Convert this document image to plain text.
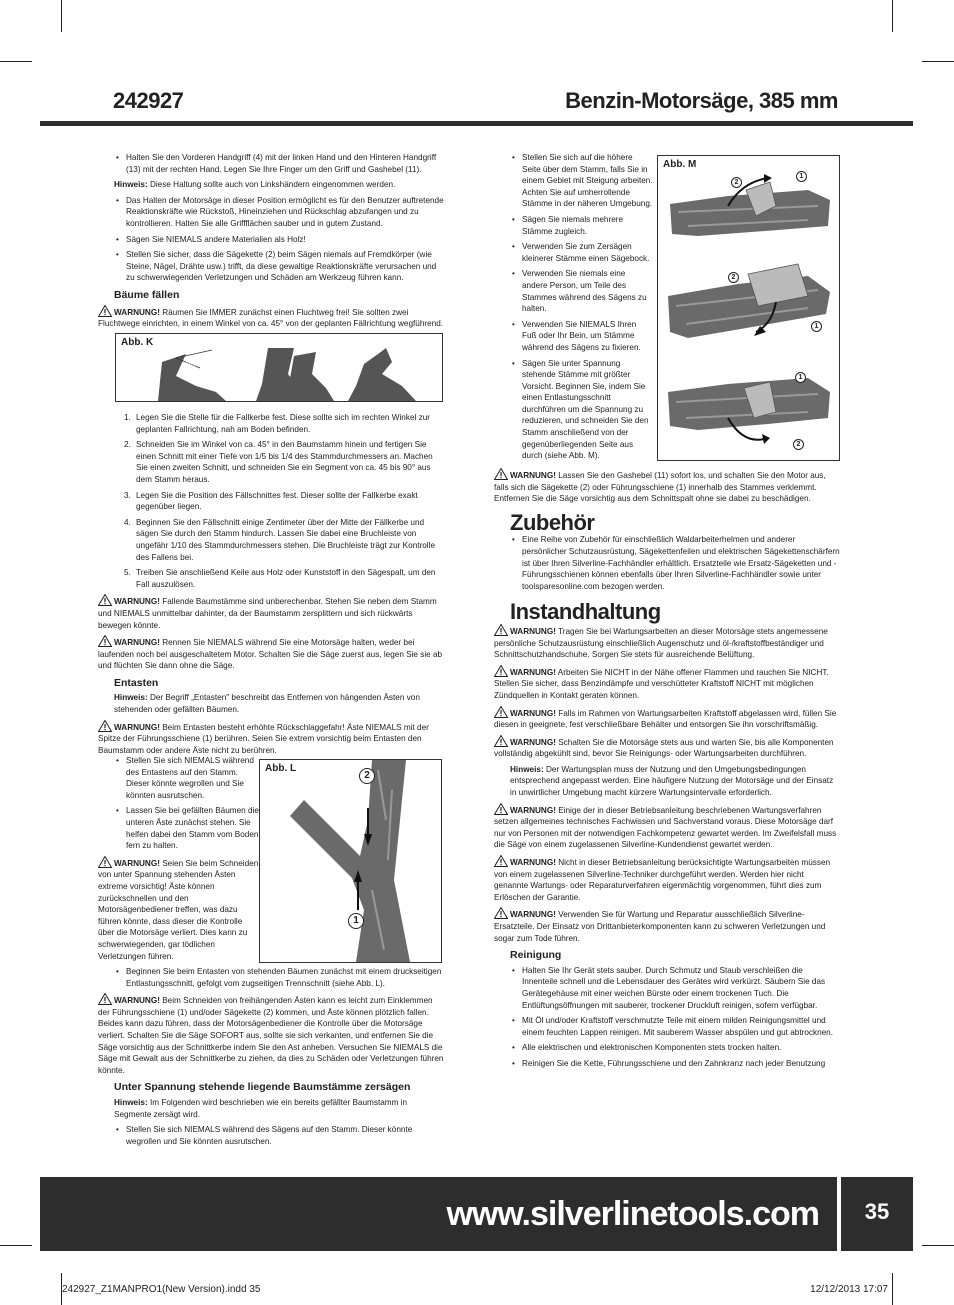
242927	Benzin-Motorsäge, 385 mm
• Halten Sie den Vorderen Handgriff (4) mit der linken Hand und den Hinteren Handgriff (13) mit der rechten Hand. Legen Sie Ihre Finger um den Griff und Gashebel (11).

Hinweis: Diese Haltung sollte auch von Linkshändern eingenommen werden.

• Das Halten der Motorsäge in dieser Position ermöglicht es für den Benutzer auftretende Reaktionskräfte wie Rückstoß, Hineinziehen und Rückschlag abzufangen und zu kontrollieren. Halten Sie alle Griffflächen sauber und in gutem Zustand.
• Sägen Sie NIEMALS andere Materialien als Holz!
• Stellen Sie sicher, dass die Sägekette (2) beim Sägen niemals auf Fremdkörper (wie Steine, Nägel, Drähte usw.) trifft, da diese gewaltige Reaktionskräfte verursachen und zu schwerwiegenden Verletzungen und Schäden am Werkzeug führen kann.
Bäume fällen
WARNUNG! Räumen Sie IMMER zunächst einen Fluchtweg frei! Sie sollten zwei Fluchtwege einrichten, in einem Winkel von ca. 45° von der geplanten Fällrichtung wegführend.
Abb. K
Abb K: 45° oder 90°
1. Legen Sie die Stelle für die Fallkerbe fest. Diese sollte sich im rechten Winkel zur geplanten Fallrichtung, nah am Boden befinden.
2. Schneiden Sie im Winkel von ca. 45° in den Baumstamm hinein und fertigen Sie einen Schnitt mit einer Tiefe von 1/5 bis 1/4 des Stammdurchmessers an. Machen Sie einen zweiten Schnitt, und schneiden Sie ein Segment von ca. 45 bis 90° aus dem Stamm heraus.
3. Legen Sie die Position des Fällschnittes fest. Dieser sollte der Fallkerbe exakt gegenüber liegen.
4. Beginnen Sie den Fällschnitt einige Zentimeter über der Mitte der Fällkerbe und sägen Sie durch den Stamm hindurch. Lassen Sie dabei eine Bruchleiste von ungefähr 1/10 des Stammdurchmessers stehen. Die Bruchleiste trägt zur Kontrolle des Fallens bei.
5. Treiben Sie anschließend Keile aus Holz oder Kunststoff in den Sägespalt, um den Fall auszulösen.
WARNUNG! Fallende Baumstämme sind unberechenbar. Stehen Sie neben dem Stamm und NIEMALS unmittelbar dahinter, da der Baumstamm zersplittern und sich rückwärts bewegen könnte.
WARNUNG! Rennen Sie NIEMALS während Sie eine Motorsäge halten, weder bei laufenden noch bei ausgeschaltetem Motor. Schalten Sie die Säge zuerst aus, legen Sie sie ab und flüchten Sie dann ohne die Säge.
Entasten

Hinweis: Der Begriff „Entasten" beschreibt das Entfernen von hängenden Ästen von stehenden oder gefällten Bäumen.

WARNUNG! Beim Entasten besteht erhöhte Rückschlaggefahr! Äste NIEMALS mit der Spitze der Führungsschiene (1) berühren. Seien Sie extrem vorsichtig beim Entasten den Baumstamm oder andere Äste nicht zu berühren.
• Stellen Sie sich NIEMALS während des Entastens auf den Stamm. Dieser könnte wegrollen und Sie könnten ausrutschen.
• Lassen Sie bei gefällten Bäumen die unteren Äste zunächst stehen. Sie helfen dabei den Stamm vom Boden fern zu halten.
WARNUNG! Seien Sie beim Schneiden von unter Spannung stehenden Ästen extreme vorsichtig! Äste können zurückschnellen und den Motorsägenbediener treffen, was dazu führen könnte, dass dieser die Kontrolle über die Motorsäge verliert. Dies kann zu schwerwiegenden, gar tödlichen Verletzungen führen.
Abb. L
2
1
• Beginnen Sie beim Entasten von stehenden Bäumen zunächst mit einem druckseitigen Entlastungsschnitt, gefolgt vom zugseitigen Trennschnitt (siehe Abb. L).
WARNUNG! Beim Schneiden von freihängenden Ästen kann es leicht zum Einklemmen der Führungsschiene (1) und/oder Sägekette (2) kommen, und Äste können plötzlich fallen. Beides kann dazu führen, dass der Motorsägenbediener die Kontrolle über die Motorsäge verliert. Schalten Sie die Säge SOFORT aus, sollte sie sich verkanten, und entfernen Sie die Säge vorsichtig aus der Schnittkerbe indem Sie den Ast anheben. Versuchen Sie NIEMALS die Säge mit Gewalt aus der Schnittkerbe zu ziehen, da dies zu Schäden oder Verletzungen führen könnte.
Unter Spannung stehende liegende Baumstämme zersägen

Hinweis: Im Folgenden wird beschrieben wie ein bereits gefällter Baumstamm in Segmente zersägt wird.

• Stellen Sie sich NIEMALS während des Sägens auf den Stamm. Dieser könnte wegrollen und Sie könnten ausrutschen.
• Stellen Sie sich auf die höhere Seite über dem Stamm, falls Sie in einem Gebiet mit Steigung arbeiten. Achten Sie auf umherrollende Stämme in der näheren Umgebung.
• Sägen Sie niemals mehrere Stämme zugleich.
• Verwenden Sie zum Zersägen kleinerer Stämme einen Sägebock.
• Verwenden Sie niemals eine andere Person, um Teile des Stammes während des Sägens zu halten.
• Verwenden Sie NIEMALS Ihren Fuß oder Ihr Bein, um Stämme während des Sägens zu fixieren.
• Sägen Sie unter Spannung stehende Stämme mit größter Vorsicht. Beginnen Sie, indem Sie einen Entlastungsschnitt durchführen um die Spannung zu reduzieren, und schneiden Sie den Stamm anschließend von der gegenüberliegenden Seite aus durch (siehe Abb. M).
Abb. M
2
1
2
1
1
2
WARNUNG! Lassen Sie den Gashebel (11) sofort los, und schalten Sie den Motor aus, falls sich die Sägekette (2) oder Führungsschiene (1) innerhalb des Stammes verklemmt. Entfernen Sie die Säge vorsichtig aus dem Schnittspalt ohne sie dabei zu beschädigen.
Zubehör
• Eine Reihe von Zubehör für einschließlich Waldarbeiterhelmen und anderer persönlicher Schutzausrüstung, Sägekettenfeilen und elektrischen Sägekettenschärfern ist über Ihren Silverline-Fachhändler erhältlich. Ersatzteile wie Ersatz-Sägeketten und -Führungsschienen können ebenfalls über Ihren Silverline-Fachhändler sowie unter toolsparesonline.com bezogen werden.
Instandhaltung
WARNUNG! Tragen Sie bei Wartungsarbeiten an dieser Motorsäge stets angemessene persönliche Schutzausrüstung einschließlich Augenschutz und öl-/kraftstoffbeständiger und Schnittschutzhandschuhe. Sorgen Sie stets für ausreichende Belüftung.
WARNUNG! Arbeiten Sie NICHT in der Nähe offener Flammen und rauchen Sie NICHT. Stellen Sie sicher, dass Benzindämpfe und verschütteter Kraftstoff NICHT mit möglichen Zündquellen in Kontakt geraten können.
WARNUNG! Falls im Rahmen von Wartungsarbeiten Kraftstoff abgelassen wird, füllen Sie diesen in geeignete, fest verschließbare Behälter und entsorgen Sie ihn vorschriftsmäßig.
WARNUNG! Schalten Sie die Motorsäge stets aus und warten Sie, bis alle Komponenten vollständig abgekühlt sind, bevor Sie Reinigungs- oder Wartungsarbeiten durchführen.

Hinweis: Der Wartungsplan muss der Nutzung und den Umgebungsbedingungen entsprechend angepasst werden. Eine häufigere Nutzung der Motorsäge und der Einsatz in unwirtlicher Umgebung macht kürzere Wartungsintervalle erforderlich.

WARNUNG! Einige der in dieser Betriebsanleitung beschriebenen Wartungsverfahren setzen allgemeines technisches Fachwissen und Sachverstand voraus. Diese Motorsäge darf nur von Personen mit der notwendigen Fachkompetenz gewartet werden. Im Zweifelsfall muss die Säge von einem zugelassenen Silverline-Kundendienst gewartet werden.
WARNUNG! Nicht in dieser Betriebsanleitung berücksichtigte Wartungsarbeiten müssen von einem zugelassenen Silverline-Techniker durchgeführt werden. Werden hier nicht genannte Wartungs- oder Reparaturverfahren eigenmächtig vorgenommen, führt dies zum Erlöschen der Garantie.
WARNUNG! Verwenden Sie für Wartung und Reparatur ausschließlich Silverline-Ersatzteile. Der Einsatz von Drittanbieterkomponenten kann zu schweren Verletzungen und sogar zum Tode führen.
Reinigung
• Halten Sie Ihr Gerät stets sauber. Durch Schmutz und Staub verschleißen die Innenteile schnell und die Lebensdauer des Gerätes wird verkürzt. Säubern Sie das Gerätegehäuse mit einer weichen Bürste oder einem trockenen Tuch. Die Entlüftungsöffnungen mit sauberer, trockener Druckluft reinigen, sofern verfügbar.
• Mit Öl und/oder Kraftstoff verschmutzte Teile mit einem milden Reinigungsmittel und einem feuchten Lappen reinigen. Mit sauberem Wasser abspülen und gut abtrocknen.
• Alle elektrischen und elektronischen Komponenten stets trocken halten.
• Reinigen Sie die Kette, Führungsschiene und den Zahnkranz nach jeder Benutzung
www.silverlinetools.com	35
242927_Z1MANPRO1(New Version).indd 35	12/12/2013 17:07
